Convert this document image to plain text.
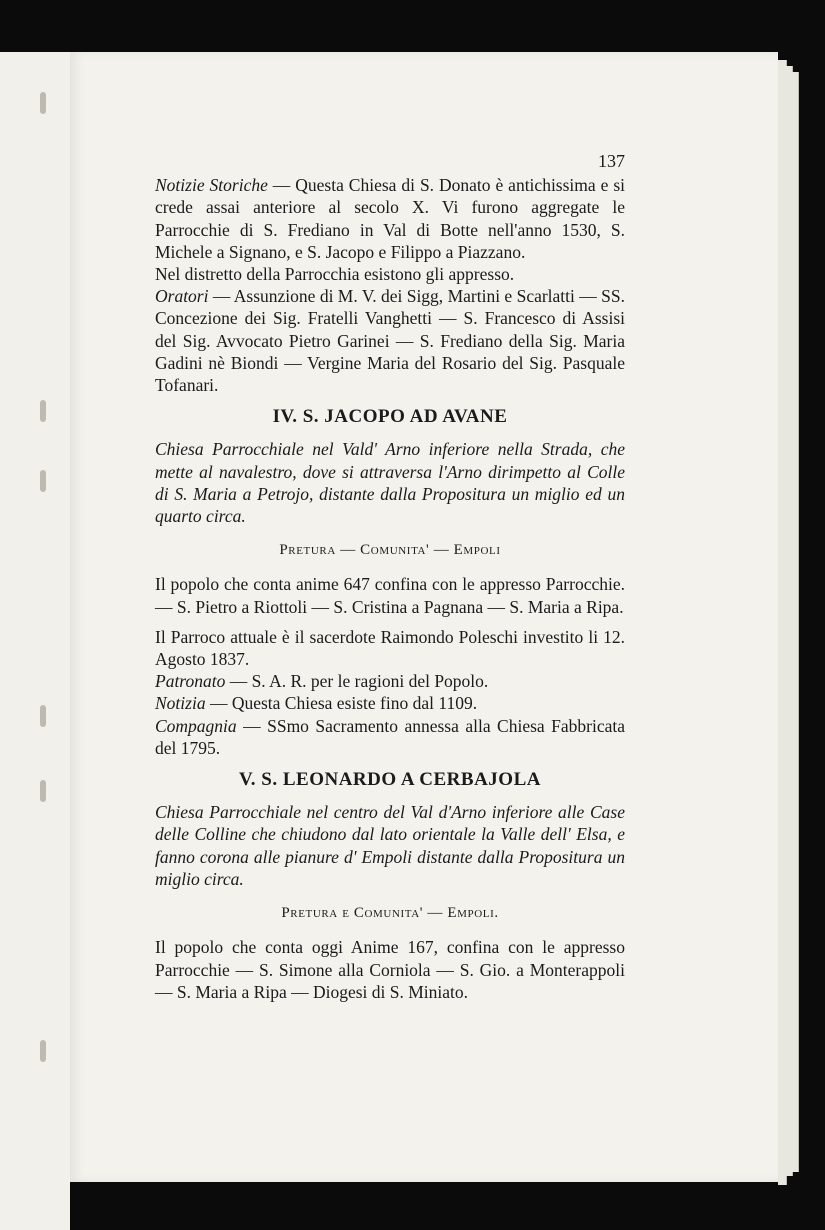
137

Notizie Storiche — Questa Chiesa di S. Donato è antichissima e si crede assai anteriore al secolo X. Vi furono aggregate le Parrocchie di S. Frediano in Val di Botte nell'anno 1530, S. Michele a Signano, e S. Jacopo e Filippo a Piazzano.

Nel distretto della Parrocchia esistono gli appresso.

Oratori — Assunzione di M. V. dei Sigg, Martini e Scarlatti — SS. Concezione dei Sig. Fratelli Vanghetti — S. Francesco di Assisi del Sig. Avvocato Pietro Garinei — S. Frediano della Sig. Maria Gadini nè Biondi — Vergine Maria del Rosario del Sig. Pasquale Tofanari.

IV. S. JACOPO AD AVANE

Chiesa Parrocchiale nel Vald' Arno inferiore nella Strada, che mette al navalestro, dove si attraversa l'Arno dirimpetto al Colle di S. Maria a Petrojo, distante dalla Propositura un miglio ed un quarto circa.

Pretura — Comunita' — Empoli

Il popolo che conta anime 647 confina con le appresso Parrocchie. — S. Pietro a Riottoli — S. Cristina a Pagnana — S. Maria a Ripa.

Il Parroco attuale è il sacerdote Raimondo Poleschi investito li 12. Agosto 1837.

Patronato — S. A. R. per le ragioni del Popolo.

Notizia — Questa Chiesa esiste fino dal 1109.

Compagnia — SSmo Sacramento annessa alla Chiesa Fabbricata del 1795.

V. S. LEONARDO A CERBAJOLA

Chiesa Parrocchiale nel centro del Val d'Arno inferiore alle Case delle Colline che chiudono dal lato orientale la Valle dell' Elsa, e fanno corona alle pianure d' Empoli distante dalla Propositura un miglio circa.

Pretura e Comunita' — Empoli.

Il popolo che conta oggi Anime 167, confina con le appresso Parrocchie — S. Simone alla Corniola — S. Gio. a Monterappoli — S. Maria a Ripa — Diogesi di S. Miniato.
